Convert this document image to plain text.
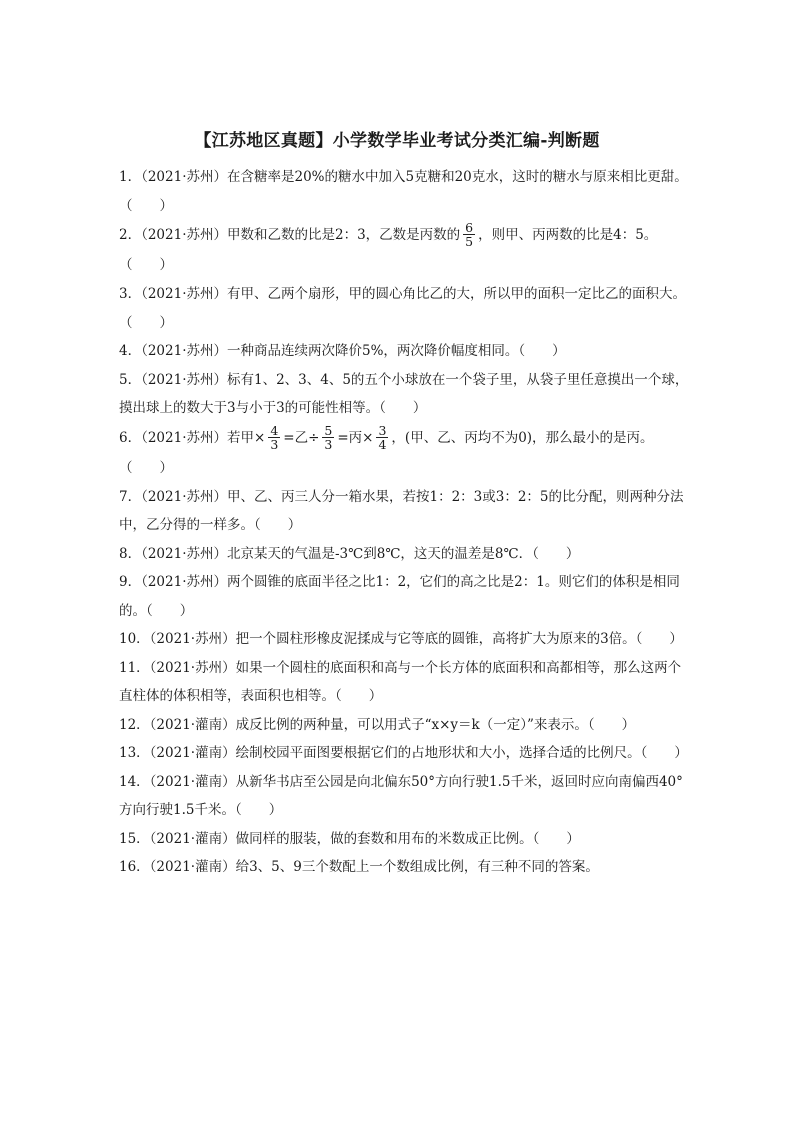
【江苏地区真题】小学数学毕业考试分类汇编-判断题

1．（2021·苏州）在含糖率是20%的糖水中加入5克糖和20克水，这时的糖水与原来相比更甜。（　　）

2．（2021·苏州）甲数和乙数的比是2：3，乙数是丙数的 $\frac{6}{5}$ ，则甲、丙两数的比是4：5。（　　）

3．（2021·苏州）有甲、乙两个扇形，甲的圆心角比乙的大，所以甲的面积一定比乙的面积大。（　　）

4．（2021·苏州）一种商品连续两次降价5%，两次降价幅度相同。（　　）

5．（2021·苏州）标有1、2、3、4、5的五个小球放在一个袋子里，从袋子里任意摸出一个球，摸出球上的数大于3与小于3的可能性相等。（　　）

6．（2021·苏州）若甲× $\frac{4}{3}$ =乙÷ $\frac{5}{3}$ =丙× $\frac{3}{4}$ ，(甲、乙、丙均不为0)，那么最小的是丙。（　　）

7．（2021·苏州）甲、乙、丙三人分一箱水果，若按1：2：3或3：2：5的比分配，则两种分法中，乙分得的一样多。（　　）

8．（2021·苏州）北京某天的气温是-3℃到8℃，这天的温差是8℃．（　　）

9．（2021·苏州）两个圆锥的底面半径之比1：2，它们的高之比是2：1。则它们的体积是相同的。（　　）

10．（2021·苏州）把一个圆柱形橡皮泥揉成与它等底的圆锥，高将扩大为原来的3倍。（　　）

11．（2021·苏州）如果一个圆柱的底面积和高与一个长方体的底面积和高都相等，那么这两个直柱体的体积相等，表面积也相等。（　　）

12．（2021·灌南）成反比例的两种量，可以用式子“x×y＝k（一定）”来表示。（　　）

13．（2021·灌南）绘制校园平面图要根据它们的占地形状和大小，选择合适的比例尺。（　　）

14．（2021·灌南）从新华书店至公园是向北偏东50°方向行驶1.5千米，返回时应向南偏西40°方向行驶1.5千米。（　　）

15．（2021·灌南）做同样的服装，做的套数和用布的米数成正比例。（　　）

16．（2021·灌南）给3、5、9三个数配上一个数组成比例，有三种不同的答案。
